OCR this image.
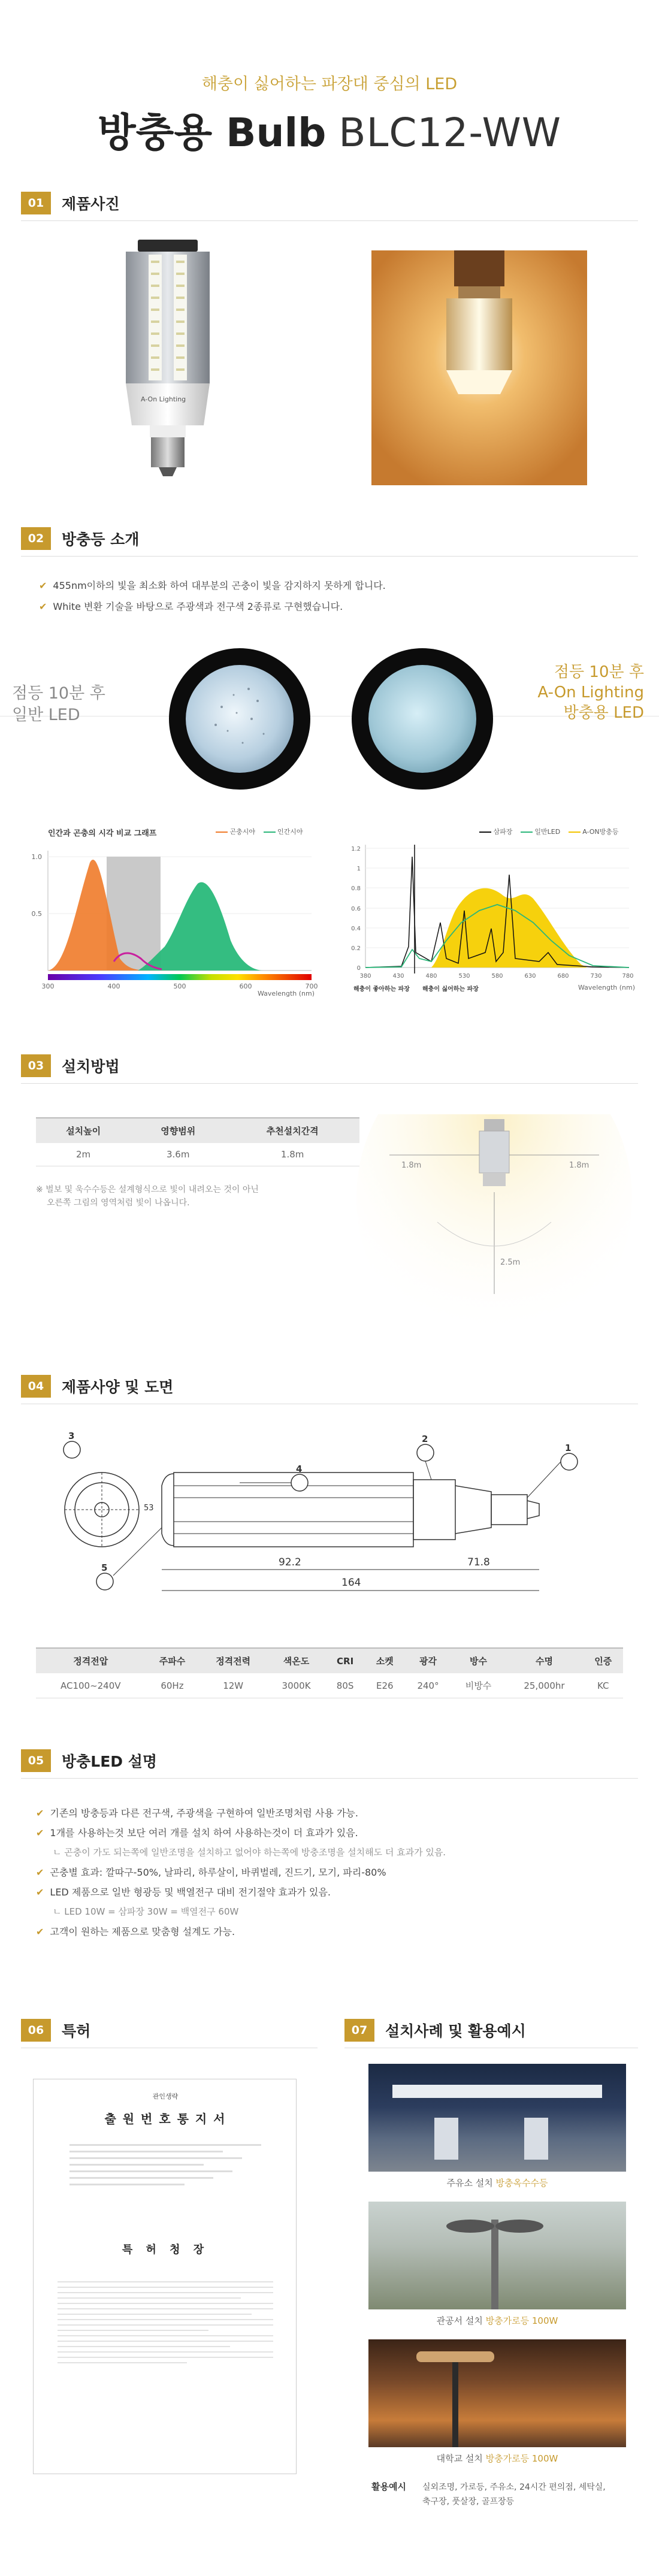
해충이 싫어하는 파장대 중심의 LED
방충용 Bulb BLC12-WW
01 제품사진
A-On Lighting
02 방충등 소개
✔ 455nm이하의 빛을 최소화 하여 대부분의 곤충이 빛을 감지하지 못하게 합니다.
✔ White 변환 기술을 바탕으로 주광색과 전구색 2종류로 구현했습니다.
점등 10분 후
일반 LED
점등 10분 후
A-On Lighting
방충용 LED
인간과 곤충의 시각 비교 그래프	곤충시야	인간시야
1.0
0.5
300	400	500	600	700
Wavelength (nm)
삼파장	일반LED	A-ON방충등
1.2
1
0.8
0.6
0.4
0.2
0
380	430	480	530	580	630	680	730	780
해충이 좋아하는 파장 해충이 싫어하는 파장	Wavelength (nm)
03 설치방법
설치높이	영향범위	추천설치간격
2m	3.6m	1.8m
※ 벌보 및 욱수수등은 설계형식으로 빛이 내려오는 것이 아닌
오른쪽 그림의 영역처럼 빛이 나옵니다.
1.8m	1.8m
2.5m
04 제품사양 및 도면
1
2
3
4
5	92.2	71.8
164
53
정격전압	주파수	정격전력	색온도	CRI	소켓	광각	방수	수명	인증
AC100~240V	60Hz	12W	3000K	80S	E26	240°	비방수	25,000hr	KC
05 방충LED 설명
✔ 기존의 방충등과 다른 전구색, 주광색을 구현하여 일반조명처럼 사용 가능.
✔ 1개를 사용하는것 보단 여러 개를 설치 하여 사용하는것이 더 효과가 있음.
ㄴ 곤충이 가도 되는쪽에 일반조명을 설치하고 없어야 하는쪽에 방충조명을 설치해도 더 효과가 있음.
✔ 곤충별 효과: 깔따구-50%, 날파리, 하루살이, 바퀴벌레, 진드기, 모기, 파리-80%
✔ LED 제품으로 일반 형광등 및 백열전구 대비 전기절약 효과가 있음.
ㄴ LED 10W = 삼파장 30W = 백열전구 60W
✔ 고객이 원하는 제품으로 맞춤형 설계도 가능.
06 특허
관인생략
출 원 번 호 통 지 서
특 허 청 장
07 설치사례 및 활용예시
주유소 설치 방충옥수수등
관공서 설치 방충가로등 100W
대학교 설치 방충가로등 100W
활용예시 실외조명, 가로등, 주유소, 24시간 편의점, 세탁실,
축구장, 풋살장, 골프장등
